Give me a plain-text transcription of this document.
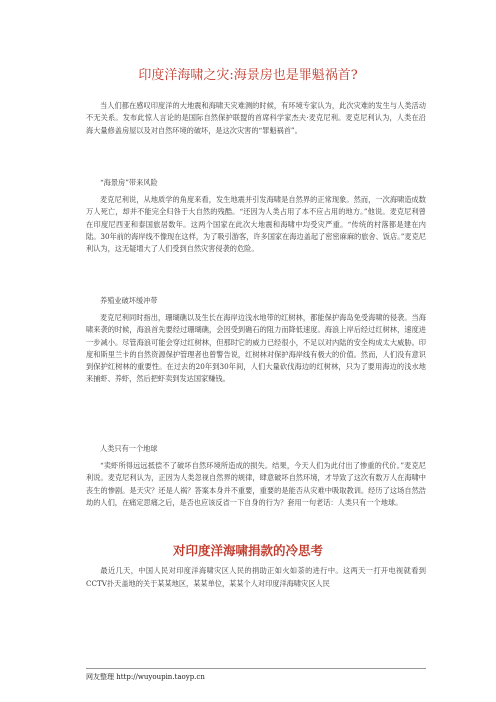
印度洋海啸之灾:海景房也是罪魁祸首?
当人们都在感叹印度洋的大地震和海啸天灾难测的时候，有环境专家认为，此次灾难的发生与人类活动不无关系。发布此惊人言论的是国际自然保护联盟的首席科学家杰夫·麦克尼利。麦克尼利认为，人类在沿海大量修盖房屋以及对自然环境的破坏，是这次灾害的“罪魁祸首”。
“海景房”带来风险
麦克尼利说，从地质学的角度来看，发生地震并引发海啸是自然界的正常现象。然而，一次海啸造成数万人死亡，却并不能完全归咎于大自然的残酷。“还因为人类占用了本不应占用的地方。”他说。麦克尼利曾在印度尼西亚和泰国旅居数年。这两个国家在此次大地震和海啸中均受灾严重。“传统的村落都是建在内陆。30年前的海岸线不像现在这样，为了吸引游客，许多国家在海边盖起了密密麻麻的旅舍、饭店。”麦克尼利认为，这无疑增大了人们受到自然灾害侵袭的危险。
养殖业破坏缓冲带
麦克尼利同时指出，珊瑚礁以及生长在海岸边浅水地带的红树林，都能保护海岛免受海啸的侵袭。当海啸来袭的时候，海浪首先要经过珊瑚礁，会因受到礁石的阻力而降低速度。海浪上岸后经过红树林，速度进一步减小。尽管海浪可能会穿过红树林，但那时它的威力已经很小，不足以对内陆的安全构成太大威胁。印度和斯里兰卡的自然资源保护管理者也曾警告说，红树林对保护海岸线有极大的价值。然而，人们没有意识到保护红树林的重要性。在过去的20年到30年间，人们大量砍伐海边的红树林，只为了要用海边的浅水地来捕虾、养虾，然后把虾卖到发达国家赚钱。
人类只有一个地球
“卖虾所得远远抵偿不了破坏自然环境所造成的损失。结果，今天人们为此付出了惨重的代价。”麦克尼利说。麦克尼利认为，正因为人类忽视自然界的规律，肆意破坏自然环境，才导致了这次有数万人在海啸中丧生的惨剧。是天灾？还是人祸？答案本身并不重要，重要的是能否从灾难中吸取教训。经历了这场自然浩劫的人们，在痛定思痛之后，是否也应该反省一下自身的行为？套用一句老话：人类只有一个地球。
对印度洋海啸捐款的冷思考
最近几天，中国人民对印度洋海啸灾区人民的捐助正如火如荼的进行中。这两天一打开电视就看到CCTV扑天盖地的关于某某地区，某某单位，某某个人对印度洋海啸灾区人民
网友整理 http://wuyoupin.taoyp.cn
